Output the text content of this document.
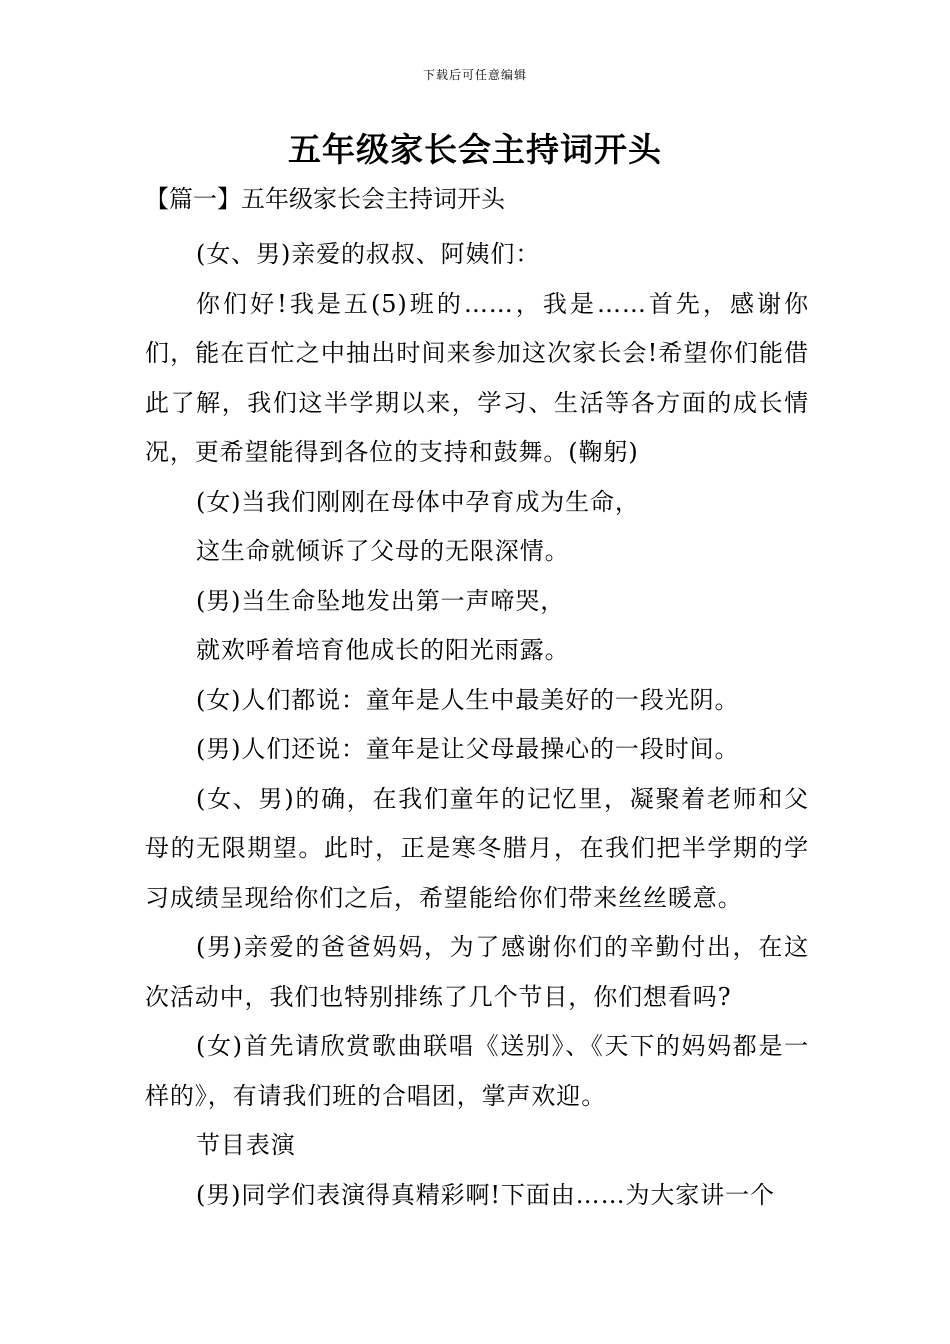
下载后可任意编辑
五年级家长会主持词开头
【篇一】五年级家长会主持词开头

(女、男)亲爱的叔叔、阿姨们：

你们好!我是五(5)班的……，我是……首先，感谢你们，能在百忙之中抽出时间来参加这次家长会!希望你们能借此了解，我们这半学期以来，学习、生活等各方面的成长情况，更希望能得到各位的支持和鼓舞。(鞠躬)

(女)当我们刚刚在母体中孕育成为生命，

这生命就倾诉了父母的无限深情。

(男)当生命坠地发出第一声啼哭，

就欢呼着培育他成长的阳光雨露。

(女)人们都说：童年是人生中最美好的一段光阴。

(男)人们还说：童年是让父母最操心的一段时间。

(女、男)的确，在我们童年的记忆里，凝聚着老师和父母的无限期望。此时，正是寒冬腊月，在我们把半学期的学习成绩呈现给你们之后，希望能给你们带来丝丝暖意。

(男)亲爱的爸爸妈妈，为了感谢你们的辛勤付出，在这次活动中，我们也特别排练了几个节目，你们想看吗?

(女)首先请欣赏歌曲联唱《送别》、《天下的妈妈都是一样的》，有请我们班的合唱团，掌声欢迎。

节目表演

(男)同学们表演得真精彩啊!下面由……为大家讲一个
